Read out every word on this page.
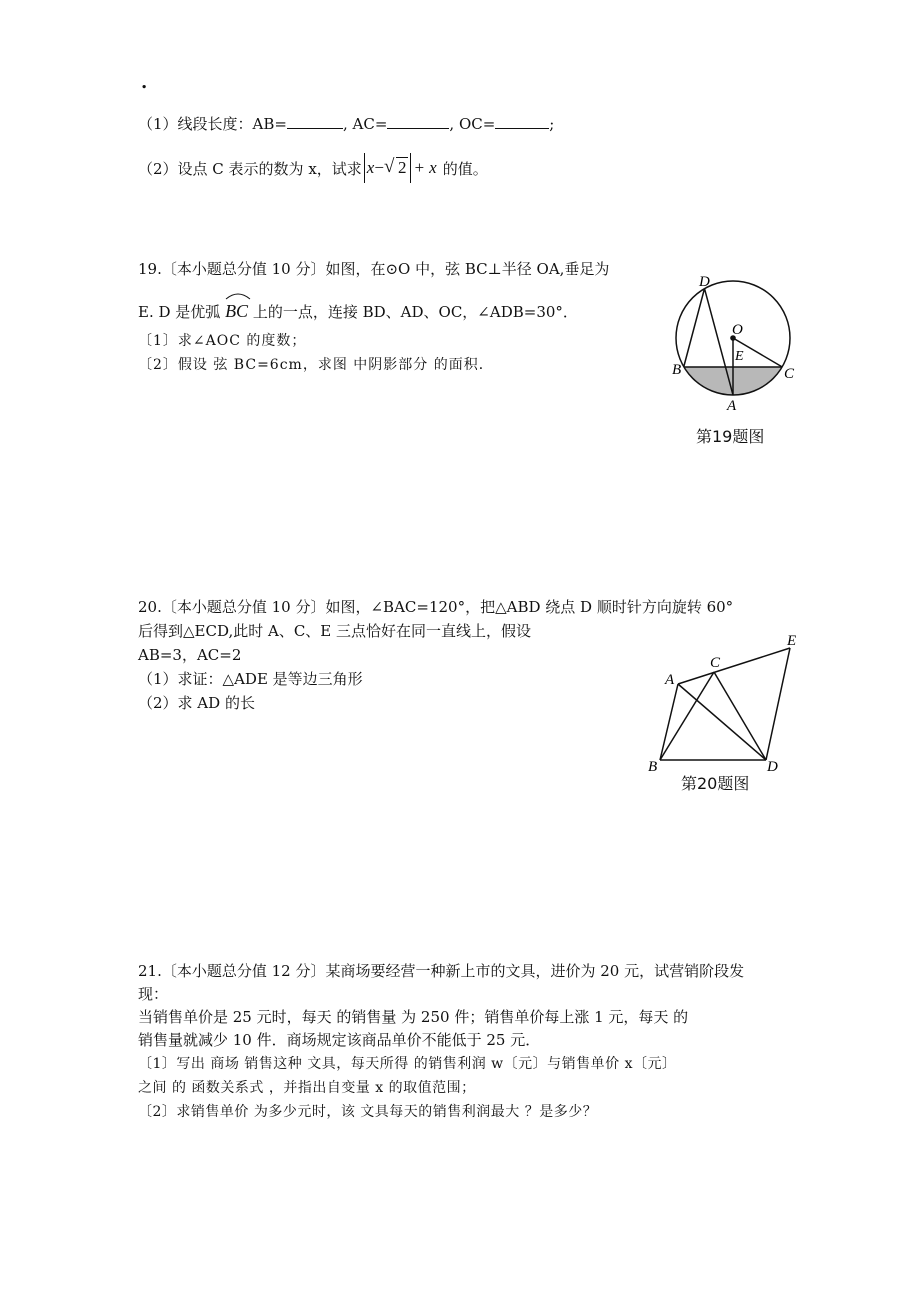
.
（1）线段长度：AB=	, AC=	, OC=	;
（2）设点 C 表示的数为 x，试求 x −
√ 2 + x 的值。
19.〔本小题总分值 10 分〕如图，在⊙O 中，弦 BC⊥半径 OA,垂足为
E. D 是优弧 BC 上的一点，连接 BD、AD、OC，∠ADB=30°．
〔1〕求∠AOC 的度数；
〔2〕假设 弦 BC=6cm，求图 中阴影部分 的面积．
D
O
E
B	C
A
第19题图
20.〔本小题总分值 10 分〕如图，∠BAC=120°，把△ABD 绕点 D 顺时针方向旋转 60°
后得到△ECD,此时 A、C、E 三点恰好在同一直线上，假设
AB=3，AC=2
（1）求证：△ADE 是等边三角形
（2）求 AD 的长
A
B
C
D
E
第20题图
21.〔本小题总分值 12 分〕某商场要经营一种新上市的文具，进价为 20 元，试营销阶段发
现：
当销售单价是 25 元时，每天 的销售量 为 250 件；销售单价每上涨 1 元，每天 的
销售量就减少 10 件．商场规定该商品单价不能低于 25 元．
〔1〕写出 商场 销售这种 文具，每天所得 的销售利润 w〔元〕与销售单价 x〔元〕
之间 的 函数关系式 ，并指出自变量 x 的取值范围；
〔2〕求销售单价 为多少元时，该 文具每天的销售利润最大 ？是多少？
